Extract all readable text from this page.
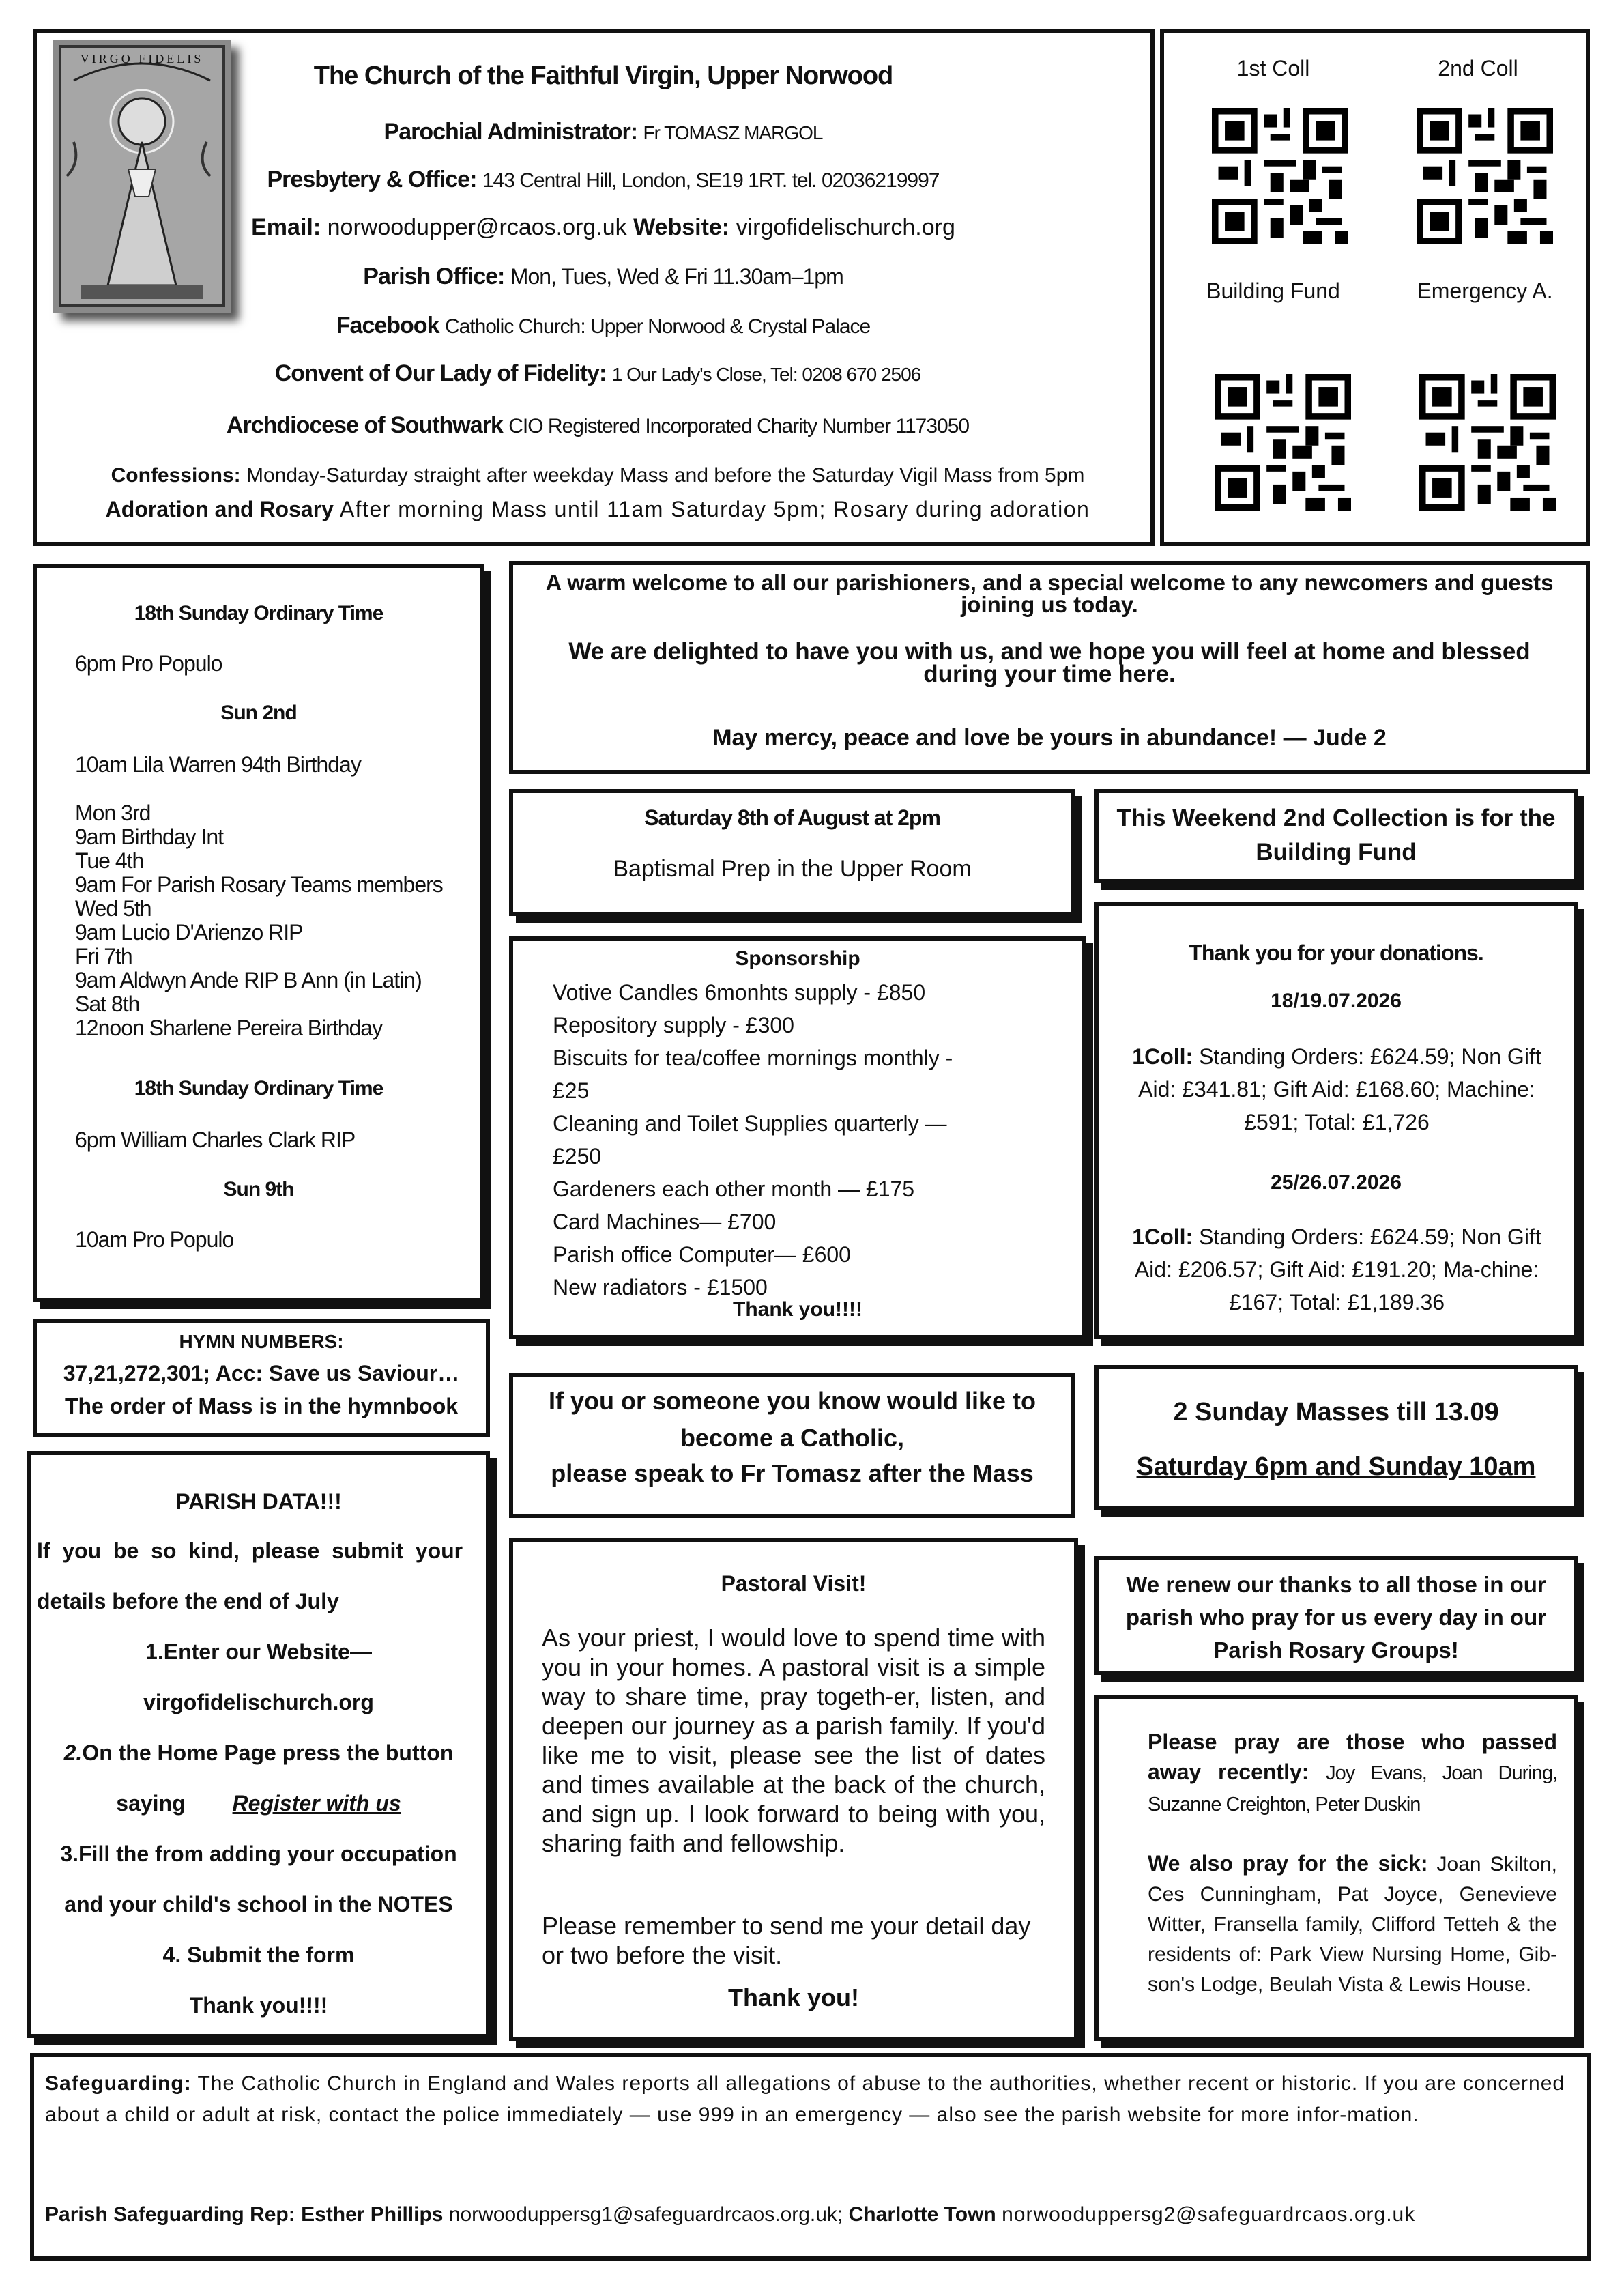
VIRGO FIDELIS
The Church of the Faithful Virgin, Upper Norwood
Parochial Administrator: Fr TOMASZ MARGOL
Presbytery & Office: 143 Central Hill, London, SE19 1RT. tel. 02036219997
Email: norwoodupper@rcaos.org.uk Website: virgofidelischurch.org
Parish Office: Mon, Tues, Wed & Fri 11.30am–1pm
Facebook Catholic Church: Upper Norwood & Crystal Palace
Convent of Our Lady of Fidelity: 1 Our Lady's Close, Tel: 0208 670 2506
Archdiocese of Southwark CIO Registered Incorporated Charity Number 1173050
Confessions: Monday-Saturday straight after weekday Mass and before the Saturday Vigil Mass from 5pm
Adoration and Rosary After morning Mass until 11am Saturday 5pm; Rosary during adoration
1st Coll	2nd Coll
Building Fund	Emergency A.
18th Sunday Ordinary Time
6pm Pro Populo
Sun 2nd
10am Lila Warren 94th Birthday
Mon 3rd
9am Birthday Int
Tue 4th
9am For Parish Rosary Teams members
Wed 5th
9am Lucio D'Arienzo RIP
Fri 7th
9am Aldwyn Ande RIP B Ann (in Latin)
Sat 8th
12noon Sharlene Pereira Birthday
18th Sunday Ordinary Time
6pm William Charles Clark RIP
Sun 9th
10am Pro Populo
HYMN NUMBERS:
37,21,272,301; Acc: Save us Saviour…
The order of Mass is in the hymnbook
PARISH DATA!!!
If  you  be  so  kind,  please  submit  your
details before the end of July
1.Enter our Website—
virgofidelischurch.org
2.On the Home Page press the button
saying Register with us
3.Fill the from adding your occupation
and your child's school in the NOTES
4. Submit the form
Thank you!!!!
A warm welcome to all our parishioners, and a special welcome to any newcomers and guests joining us today.
We are delighted to have you with us, and we hope you will feel at home and blessed during your time here.
May mercy, peace and love be yours in abundance! — Jude 2
Saturday 8th of August at 2pm
Baptismal Prep in the Upper Room
This Weekend 2nd Collection is for the Building Fund
Sponsorship
Votive Candles 6monhts supply - £850
Repository supply - £300
Biscuits for tea/coffee mornings monthly -
£25
Cleaning and Toilet Supplies quarterly —
£250
Gardeners each other month — £175
Card Machines— £700
Parish office Computer— £600
New radiators - £1500
Thank you!!!!
Thank you for your donations.
18/19.07.2026
1Coll: Standing Orders: £624.59; Non Gift Aid: £341.81; Gift Aid: £168.60; Machine: £591; Total: £1,726
25/26.07.2026
1Coll: Standing Orders: £624.59; Non Gift Aid: £206.57; Gift Aid: £191.20; Ma-chine: £167; Total: £1,189.36
If you or someone you know would like to
become a Catholic,
please speak to Fr Tomasz after the Mass
2 Sunday Masses till 13.09
Saturday 6pm and Sunday 10am
Pastoral Visit!
As your priest, I would love to spend time with you in your homes. A pastoral visit is a simple way to share time, pray togeth-er, listen, and deepen our journey as a parish family. If you'd like me to visit, please see the list of dates and times available at the back of the church, and sign up. I look forward to being with you, sharing faith and fellowship.
Please remember to send me your detail day or two before the visit.
Thank you!
We renew our thanks to all those in our parish who pray for us every day in our Parish Rosary Groups!
Please pray are those who passed away recently: Joy Evans, Joan During, Suzanne Creighton, Peter Duskin
We also pray for the sick: Joan Skilton, Ces Cunningham, Pat Joyce, Genevieve Witter, Fransella family, Clifford Tetteh & the residents of: Park View Nursing Home, Gib- son's Lodge, Beulah Vista & Lewis House.
Safeguarding: The Catholic Church in England and Wales reports all allegations of abuse to the authorities, whether recent or historic. If you are concerned about a child or adult at risk, contact the police immediately — use 999 in an emergency — also see the parish website for more infor-mation.
Parish Safeguarding Rep: Esther Phillips norwooduppersg1@safeguardrcaos.org.uk; Charlotte Town norwooduppersg2@safeguardrcaos.org.uk
